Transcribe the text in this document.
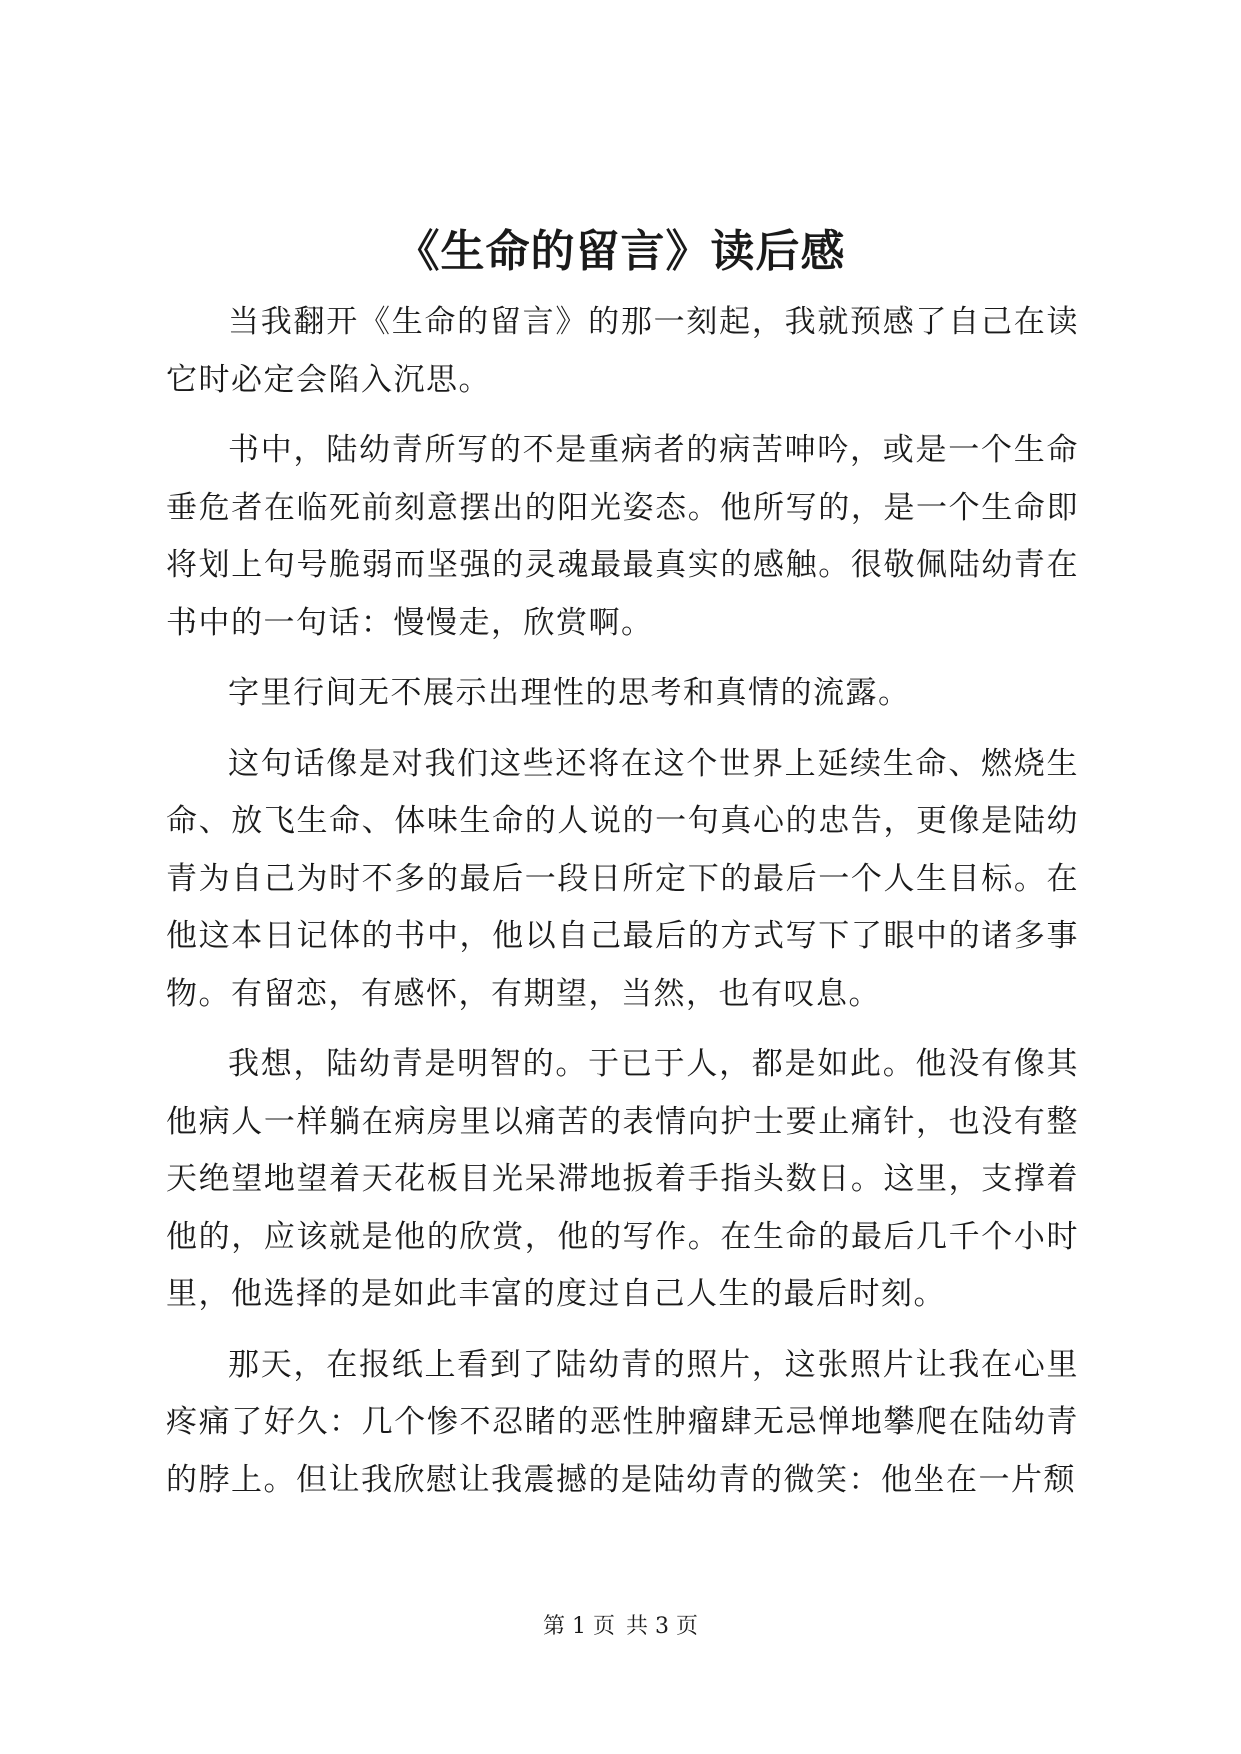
《生命的留言》读后感

当我翻开《生命的留言》的那一刻起，我就预感了自己在读它时必定会陷入沉思。

书中，陆幼青所写的不是重病者的病苦呻吟，或是一个生命垂危者在临死前刻意摆出的阳光姿态。他所写的，是一个生命即将划上句号脆弱而坚强的灵魂最最真实的感触。很敬佩陆幼青在书中的一句话：慢慢走，欣赏啊。

字里行间无不展示出理性的思考和真情的流露。

这句话像是对我们这些还将在这个世界上延续生命、燃烧生命、放飞生命、体味生命的人说的一句真心的忠告，更像是陆幼青为自己为时不多的最后一段日所定下的最后一个人生目标。在他这本日记体的书中，他以自己最后的方式写下了眼中的诸多事物。有留恋，有感怀，有期望，当然，也有叹息。

我想，陆幼青是明智的。于已于人，都是如此。他没有像其他病人一样躺在病房里以痛苦的表情向护士要止痛针，也没有整天绝望地望着天花板目光呆滞地扳着手指头数日。这里，支撑着他的，应该就是他的欣赏，他的写作。在生命的最后几千个小时里，他选择的是如此丰富的度过自己人生的最后时刻。

那天，在报纸上看到了陆幼青的照片，这张照片让我在心里疼痛了好久：几个惨不忍睹的恶性肿瘤肆无忌惮地攀爬在陆幼青的脖上。但让我欣慰让我震撼的是陆幼青的微笑：他坐在一片颓

第 1 页 共 3 页
